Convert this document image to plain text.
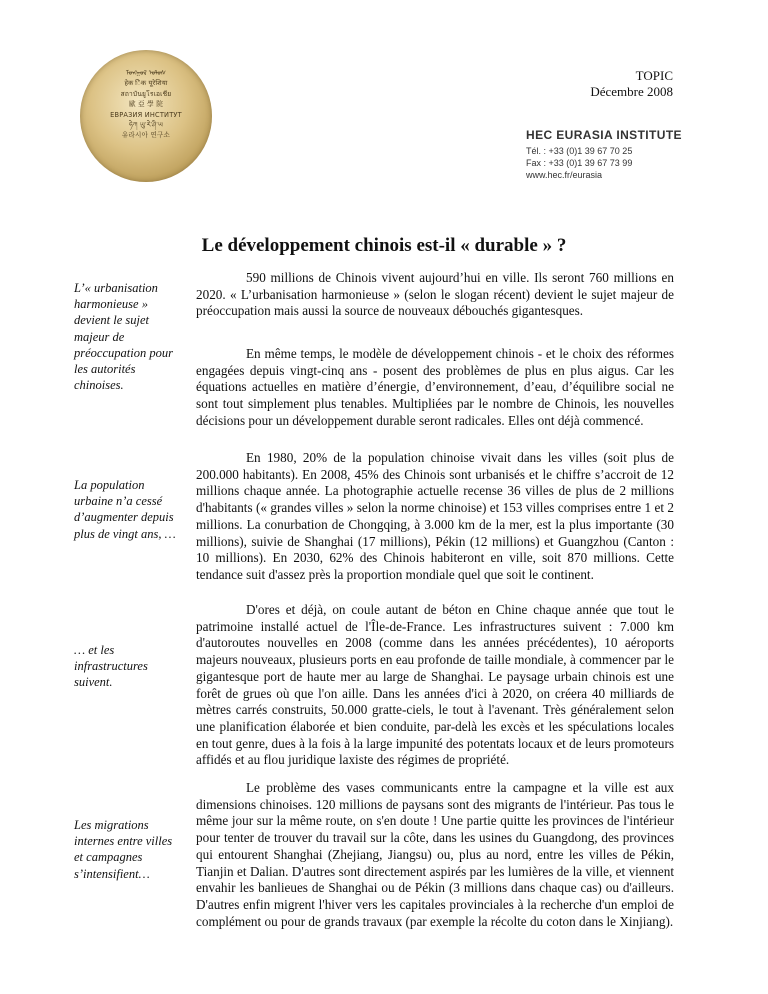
ᠮᠣᠩᠭᠣᠯ ᠤᠯᠤᠰ
हेक ि‍ेक यूरेशिया
สถาบันยูโรเอเชีย
歐 亞 學 院
ЕВРАЗИЯ ИНСТИТУТ
ཧེཀ ཡུ་རེ་ཤི་ཡ
유라시아 연구소
TOPIC
Décembre 2008
HEC EURASIA INSTITUTE
Tél. : +33 (0)1 39 67 70 25
Fax : +33 (0)1 39 67 73 99
www.hec.fr/eurasia
Le développement chinois est-il « durable » ?
L’« urbanisation harmonieuse » devient le sujet majeur de préoccupation pour les autorités chinoises.
La population urbaine n’a cessé d’augmenter depuis plus de vingt ans, …
… et les infrastructures suivent.
Les migrations internes entre villes et campagnes s’intensifient…

590 millions de Chinois vivent aujourd’hui en ville. Ils seront 760 millions en 2020. « L’urbanisation harmonieuse » (selon le slogan récent) devient le sujet majeur de préoccupation mais aussi la source de nouveaux débouchés gigantesques.

En même temps, le modèle de développement chinois - et le choix des réformes engagées depuis vingt-cinq ans - posent des problèmes de plus en plus aigus. Car les équations actuelles en matière d’énergie, d’environnement, d’eau, d’équilibre social ne sont tout simplement plus tenables. Multipliées par le nombre de Chinois, les nouvelles décisions pour un développement durable seront radicales. Elles ont déjà commencé.

En 1980, 20% de la population chinoise vivait dans les villes (soit plus de 200.000 habitants). En 2008, 45% des Chinois sont urbanisés et le chiffre s’accroit de 12 millions chaque année. La photographie actuelle recense 36 villes de plus de 2 millions d'habitants (« grandes villes » selon la norme chinoise) et 153 villes comprises entre 1 et 2 millions. La conurbation de Chongqing, à 3.000 km de la mer, est la plus importante (30 millions), suivie de Shanghai (17 millions), Pékin (12 millions) et Guangzhou (Canton : 10 millions). En 2030, 62% des Chinois habiteront en ville, soit 870 millions. Cette tendance suit d'assez près la proportion mondiale quel que soit le continent.

D'ores et déjà, on coule autant de béton en Chine chaque année que tout le patrimoine installé actuel de l'Île-de-France. Les infrastructures suivent : 7.000 km d'autoroutes nouvelles en 2008 (comme dans les années précédentes), 10 aéroports majeurs nouveaux, plusieurs ports en eau profonde de taille mondiale, à commencer par le gigantesque port de haute mer au large de Shanghai. Le paysage urbain chinois est une forêt de grues où que l'on aille. Dans les années d'ici à 2020, on créera 40 milliards de mètres carrés construits, 50.000 gratte-ciels, le tout à l'avenant. Très généralement selon une planification élaborée et bien conduite, par-delà les excès et les spéculations locales en tout genre, dues à la fois à la large impunité des potentats locaux et de leurs promoteurs affidés et au flou juridique laxiste des régimes de propriété.

Le problème des vases communicants entre la campagne et la ville est aux dimensions chinoises. 120 millions de paysans sont des migrants de l'intérieur. Pas tous le même jour sur la même route, on s'en doute ! Une partie quitte les provinces de l'intérieur pour tenter de trouver du travail sur la côte, dans les usines du Guangdong, des provinces qui entourent Shanghai (Zhejiang, Jiangsu) ou, plus au nord, entre les villes de Pékin, Tianjin et Dalian. D'autres sont directement aspirés par les lumières de la ville, et viennent envahir les banlieues de Shanghai ou de Pékin (3 millions dans chaque cas) ou d'ailleurs. D'autres enfin migrent l'hiver vers les capitales provinciales à la recherche d'un emploi de complément ou pour de grands travaux (par exemple la récolte du coton dans le Xinjiang).
